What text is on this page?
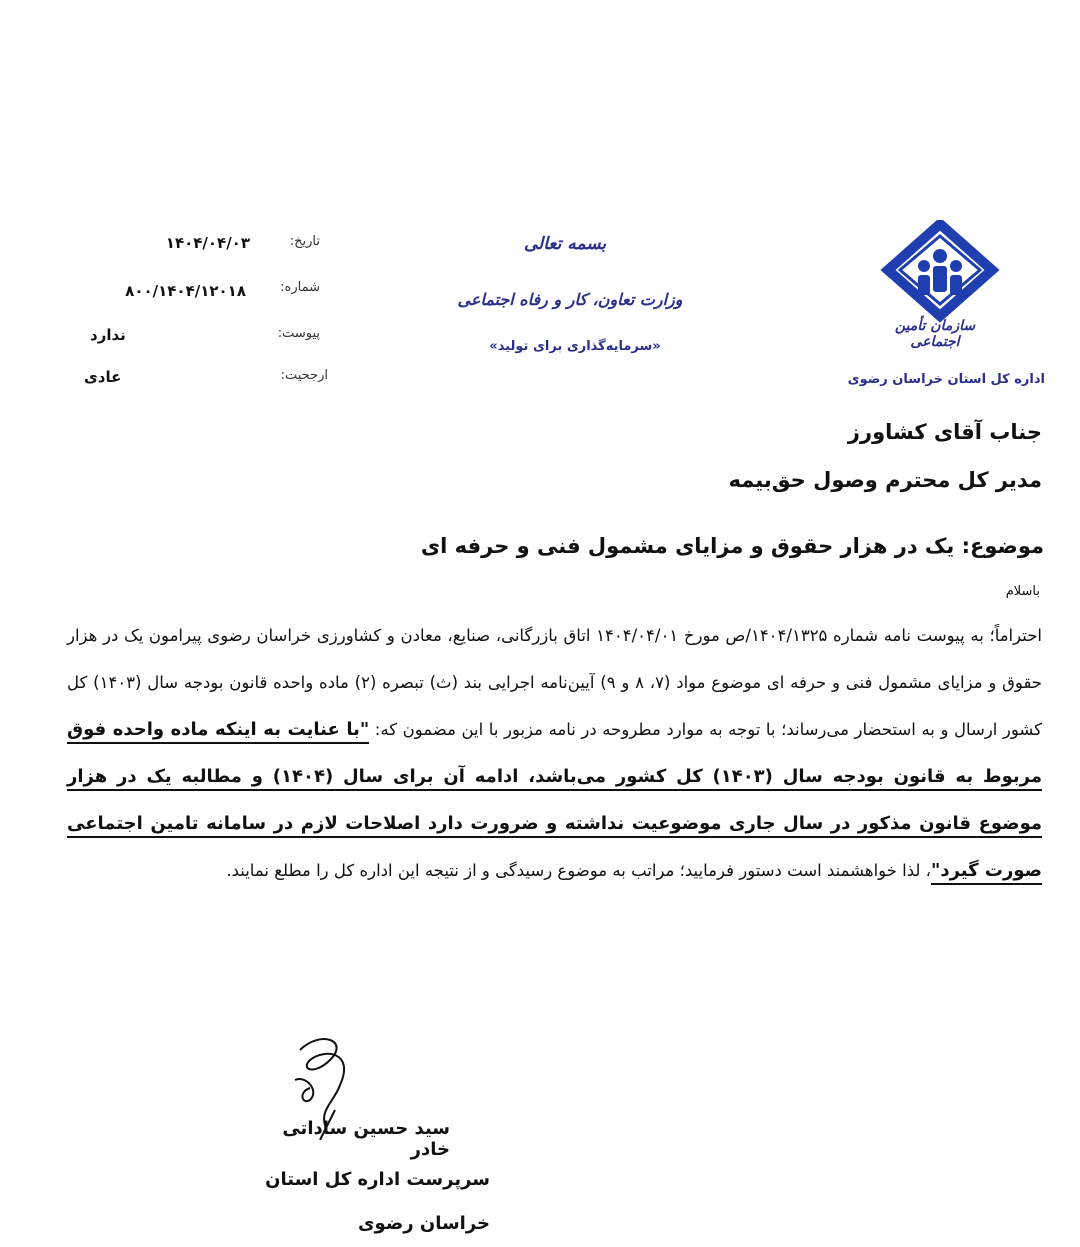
سازمان تأمین اجتماعی
اداره کل استان خراسان رضوی
بسمه تعالی
وزارت تعاون، کار و رفاه اجتماعی
«سرمایه‌گذاری برای تولید»
تاریخ:
۱۴۰۴/۰۴/۰۳
شماره:
۸۰۰/۱۴۰۴/۱۲۰۱۸
پیوست:
ندارد
ارجحیت:
عادی
جناب آقای کشاورز
مدیر کل محترم وصول حق‌بیمه
موضوع: یک در هزار حقوق و مزایای مشمول فنی و حرفه ای
باسلام
احتراماً؛ به پیوست نامه شماره ۱۴۰۴/۱۳۲۵/ص مورخ ۱۴۰۴/۰۴/۰۱ اتاق بازرگانی، صنایع، معادن و کشاورزی خراسان رضوی پیرامون یک در هزار حقوق و مزایای مشمول فنی و حرفه ای موضوع مواد (۷، ۸ و ۹) آیین‌نامه اجرایی بند (ث) تبصره (۲) ماده واحده قانون بودجه سال (۱۴۰۳) کل کشور ارسال و به استحضار می‌رساند؛ با توجه به موارد مطروحه در نامه مزبور با این مضمون که: "با عنایت به اینکه ماده واحده فوق مربوط به قانون بودجه سال (۱۴۰۳) کل کشور می‌باشد، ادامه آن برای سال (۱۴۰۴) و مطالبه یک در هزار موضوع قانون مذکور در سال جاری موضوعیت نداشته و ضرورت دارد اصلاحات لازم در سامانه تامین اجتماعی صورت گیرد"، لذا خواهشمند است دستور فرمایید؛ مراتب به موضوع رسیدگی و از نتیجه این اداره کل را مطلع نمایند.
سید حسین ساداتی خادر
سرپرست اداره کل استان خراسان رضوی
